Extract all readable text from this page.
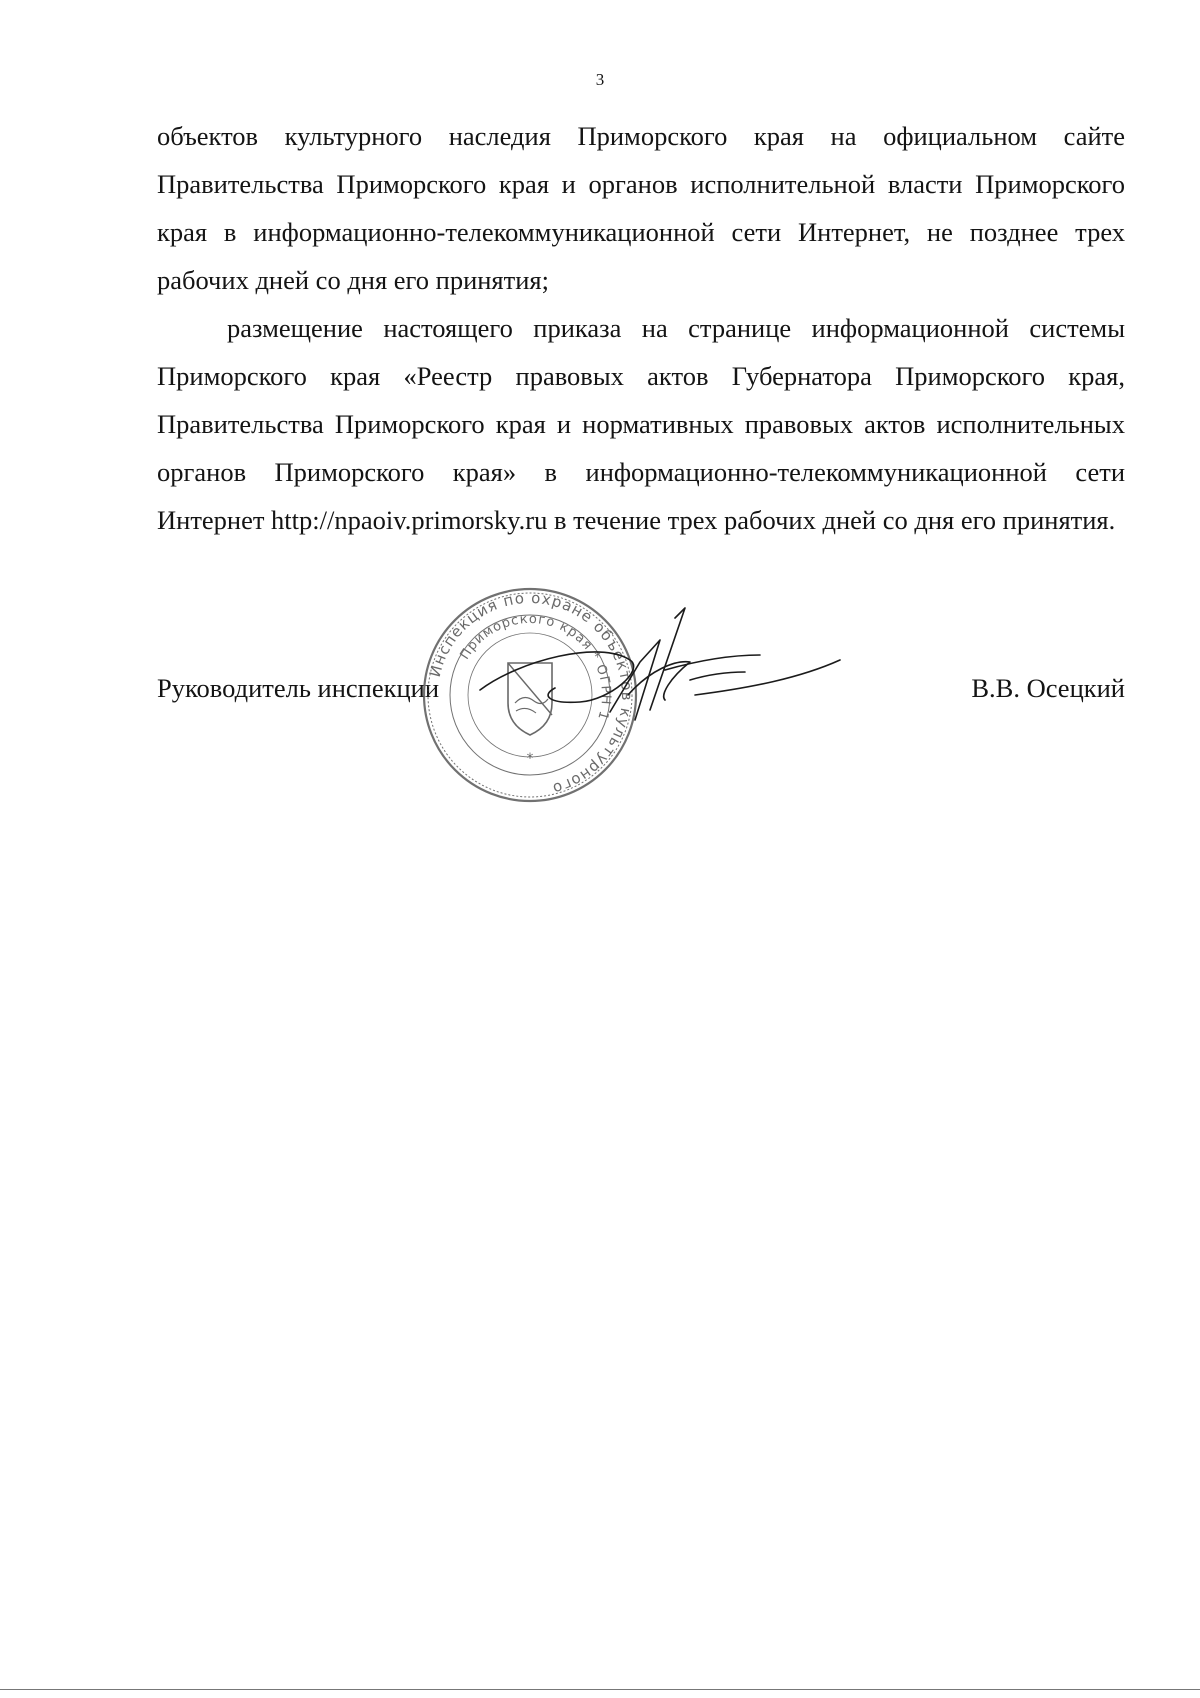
3

объектов культурного наследия Приморского края на официальном сайте Правительства Приморского края и органов исполнительной власти Приморского края в информационно-телекоммуникационной сети Интернет, не позднее трех рабочих дней со дня его принятия;

размещение настоящего приказа на странице информационной системы Приморского края «Реестр правовых актов Губернатора Приморского края, Правительства Приморского края и нормативных правовых актов исполнительных органов Приморского края» в информационно-телекоммуникационной сети Интернет http://npaoiv.primorsky.ru в течение трех рабочих дней со дня его принятия.

Руководитель инспекции	В.В. Осецкий
Инспекция по охране объектов культурного
Приморского края * ОГРН 1
*
